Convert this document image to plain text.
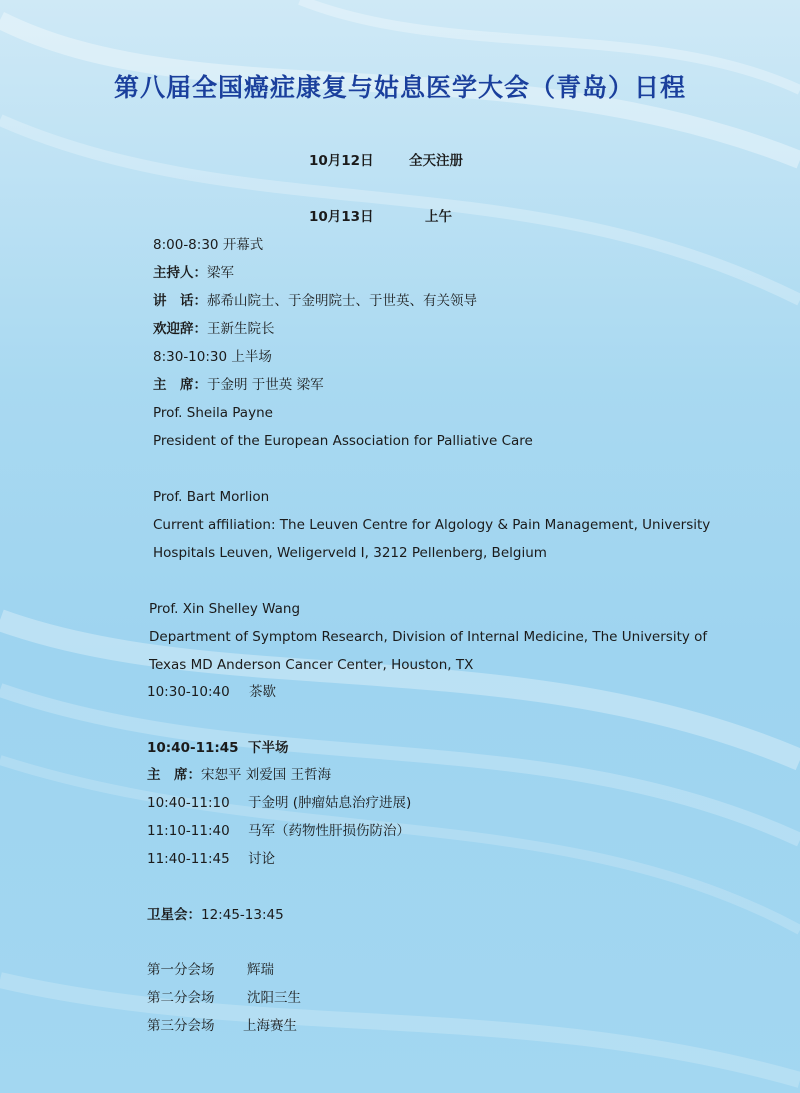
第八届全国癌症康复与姑息医学大会（青岛）日程
10月12日	全天注册
10月13日	上午
8:00-8:30 开幕式
主持人：梁军
讲　话：郝希山院士、于金明院士、于世英、有关领导
欢迎辞：王新生院长
8:30-10:30 上半场
主　席：于金明 于世英 梁军
Prof. Sheila Payne
President of the European Association for Palliative Care
Prof. Bart Morlion
Current affiliation: The Leuven Centre for Algology & Pain Management, University
Hospitals Leuven, Weligerveld I, 3212 Pellenberg, Belgium
Prof. Xin Shelley Wang
Department of Symptom Research, Division of Internal Medicine, The University of
Texas MD Anderson Cancer Center, Houston, TX
10:30-10:40 茶歇
10:40-11:45 下半场
主　席：宋恕平 刘爱国 王哲海
10:40-11:10 于金明 (肿瘤姑息治疗进展)
11:10-11:40 马军（药物性肝损伤防治）
11:40-11:45 讨论
卫星会：12:45-13:45
第一分会场 辉瑞
第二分会场 沈阳三生
第三分会场 上海赛生
